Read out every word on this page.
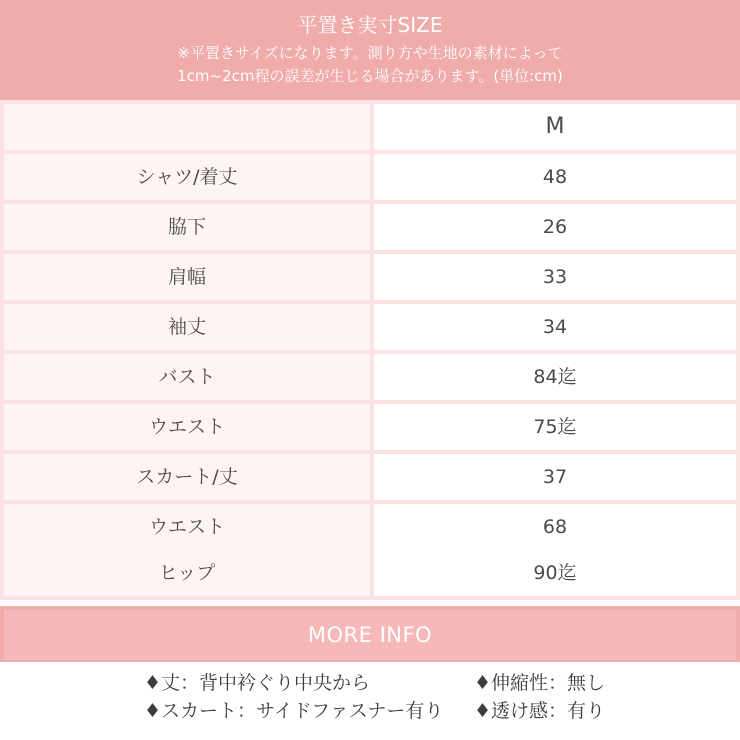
平置き実寸SIZE
※平置きサイズになります。測り方や生地の素材によって
1cm~2cm程の誤差が生じる場合があります。(単位:cm)
M
シャツ/着丈	48
脇下	26
肩幅	33
袖丈	34
バスト	84迄
ウエスト	75迄
スカート/丈	37
ウエスト	68
ヒップ	90迄
MORE INFO
♦丈：背中衿ぐり中央から	♦伸縮性：無し
♦スカート：サイドファスナー有り ♦透け感：有り
